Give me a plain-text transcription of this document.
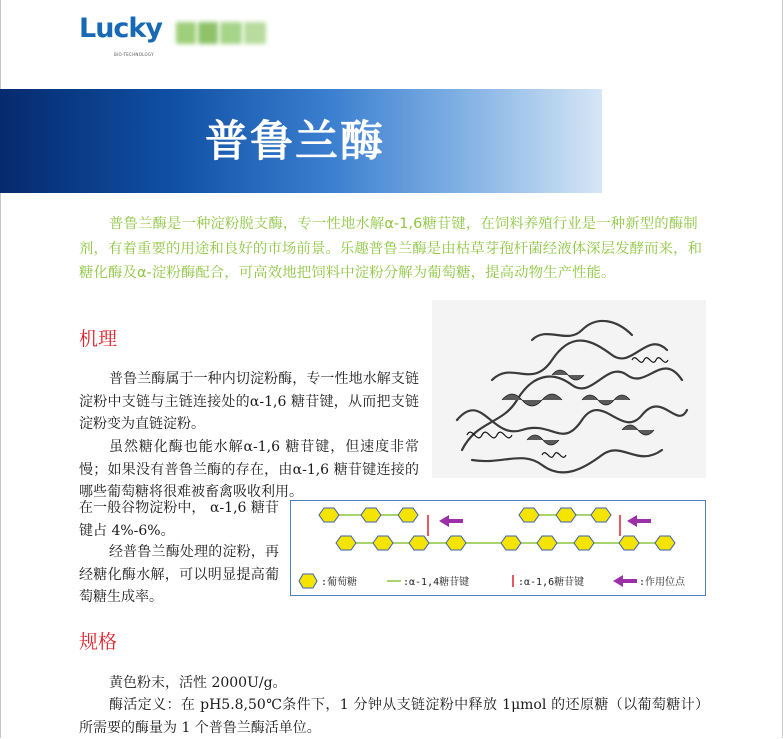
Lucky
BIO-TECHNOLOGY
普鲁兰酶
普鲁兰酶是一种淀粉脱支酶，专一性地水解α-1,6糖苷键，在饲料养殖行业是一种新型的酶制剂，有着重要的用途和良好的市场前景。乐趣普鲁兰酶是由枯草芽孢杆菌经液体深层发酵而来，和糖化酶及α-淀粉酶配合，可高效地把饲料中淀粉分解为葡萄糖，提高动物生产性能。
机理
普鲁兰酶属于一种内切淀粉酶，专一性地水解支链淀粉中支链与主链连接处的α-1,6 糖苷键，从而把支链淀粉变为直链淀粉。
虽然糖化酶也能水解α-1,6 糖苷键，但速度非常慢；如果没有普鲁兰酶的存在，由α-1,6 糖苷键连接的哪些葡萄糖将很难被畜禽吸收利用。
在一般谷物淀粉中， α-1,6 糖苷键占 4%-6%。
经普鲁兰酶处理的淀粉，再经糖化酶水解，可以明显提高葡萄糖生成率。
:葡萄糖	:α-1,4糖苷键	:α-1,6糖苷键	:作用位点
规格
黄色粉末，活性 2000U/g。
酶活定义：在 pH5.8,50℃条件下，1 分钟从支链淀粉中释放 1μmol 的还原糖（以葡萄糖计）所需要的酶量为 1 个普鲁兰酶活单位。
